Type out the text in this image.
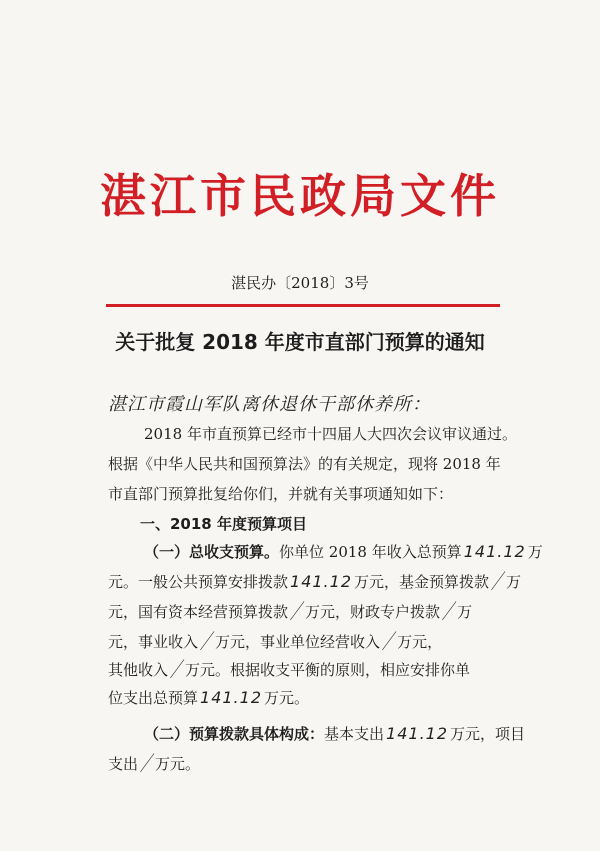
湛江市民政局文件
湛民办〔2018〕3号
关于批复 2018 年度市直部门预算的通知
湛江市霞山军队离休退休干部休养所：
2018 年市直预算已经市十四届人大四次会议审议通过。
根据《中华人民共和国预算法》的有关规定，现将 2018 年
市直部门预算批复给你们，并就有关事项通知如下：
一、2018 年度预算项目
（一）总收支预算。你单位 2018 年收入总预算 141.12 万
元。一般公共预算安排拨款 141.12 万元，基金预算拨款／万
元，国有资本经营预算拨款／万元，财政专户拨款／万
元，事业收入／万元，事业单位经营收入／万元，
其他收入／万元。根据收支平衡的原则，相应安排你单
位支出总预算 141.12 万元。
（二）预算拨款具体构成：基本支出 141.12 万元，项目
支出／万元。
